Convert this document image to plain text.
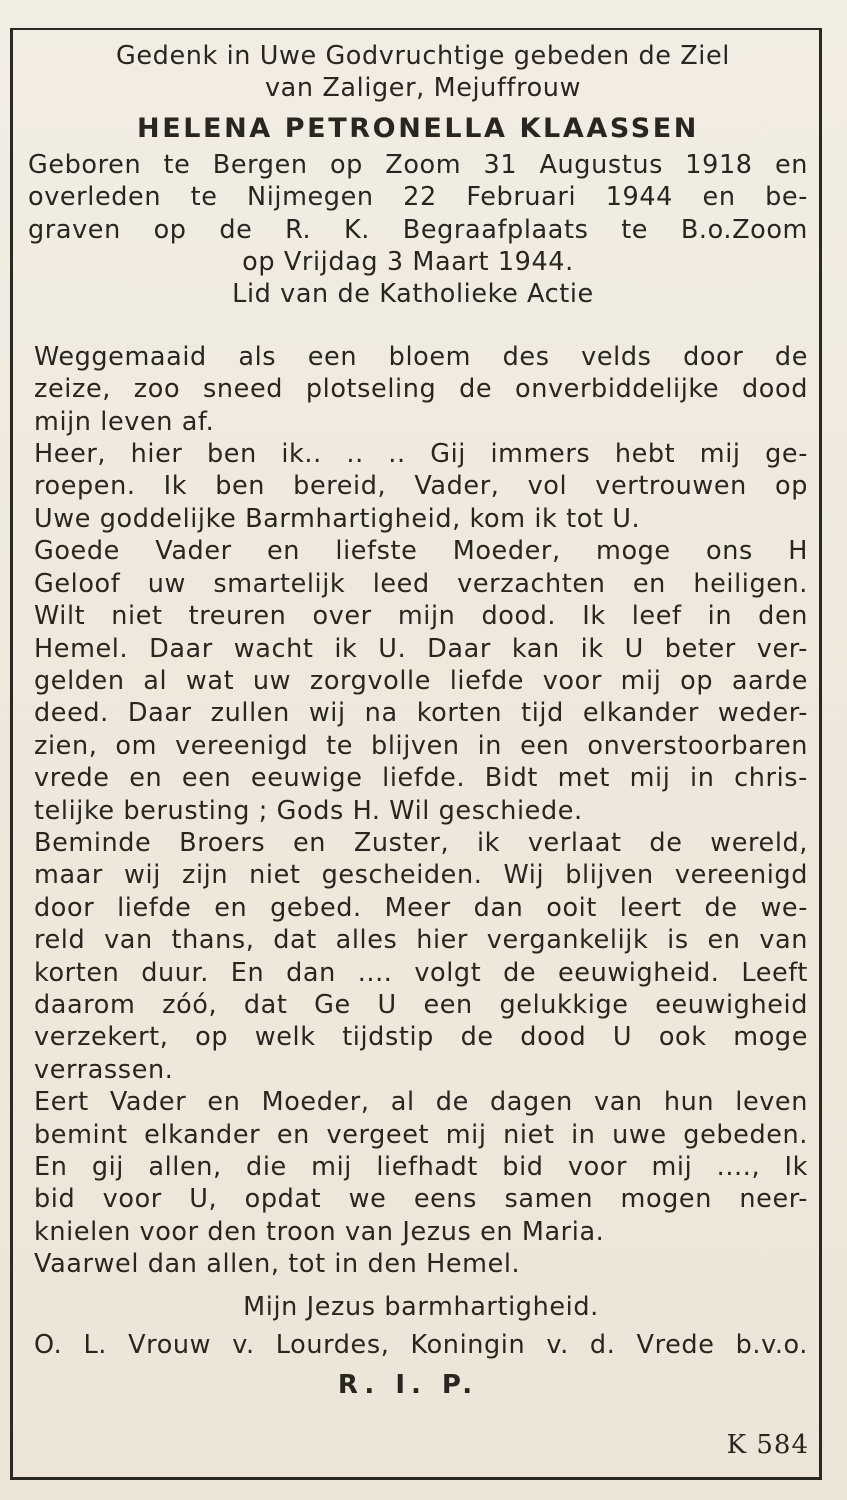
Gedenk in Uwe Godvruchtige gebeden de Ziel
van Zaliger, Mejuffrouw
HELENA PETRONELLA KLAASSEN
Geboren te Bergen op Zoom 31 Augustus 1918 en
overleden te Nijmegen 22 Februari 1944 en be-
graven op de R. K. Begraafplaats te B.o.Zoom
op Vrijdag 3 Maart 1944.
Lid van de Katholieke Actie
Weggemaaid als een bloem des velds door de
zeize, zoo sneed plotseling de onverbiddelijke dood
mijn leven af.
Heer, hier ben ik.. .. .. Gij immers hebt mij ge-
roepen. Ik ben bereid, Vader, vol vertrouwen op
Uwe goddelijke Barmhartigheid, kom ik tot U.
Goede Vader en liefste Moeder, moge ons H
Geloof uw smartelijk leed verzachten en heiligen.
Wilt niet treuren over mijn dood. Ik leef in den
Hemel. Daar wacht ik U. Daar kan ik U beter ver-
gelden al wat uw zorgvolle liefde voor mij op aarde
deed. Daar zullen wij na korten tijd elkander weder-
zien, om vereenigd te blijven in een onverstoorbaren
vrede en een eeuwige liefde. Bidt met mij in chris-
telijke berusting ; Gods H. Wil geschiede.
Beminde Broers en Zuster, ik verlaat de wereld,
maar wij zijn niet gescheiden. Wij blijven vereenigd
door liefde en gebed. Meer dan ooit leert de we-
reld van thans, dat alles hier vergankelijk is en van
korten duur. En dan .... volgt de eeuwigheid. Leeft
daarom zóó, dat Ge U een gelukkige eeuwigheid
verzekert, op welk tijdstip de dood U ook moge
verrassen.
Eert Vader en Moeder, al de dagen van hun leven
bemint elkander en vergeet mij niet in uwe gebeden.
En gij allen, die mij liefhadt bid voor mij ...., Ik
bid voor U, opdat we eens samen mogen neer-
knielen voor den troon van Jezus en Maria.
Vaarwel dan allen, tot in den Hemel.
Mijn Jezus barmhartigheid.
O. L. Vrouw v. Lourdes, Koningin v. d. Vrede b.v.o.
R. I. P.
K 584
